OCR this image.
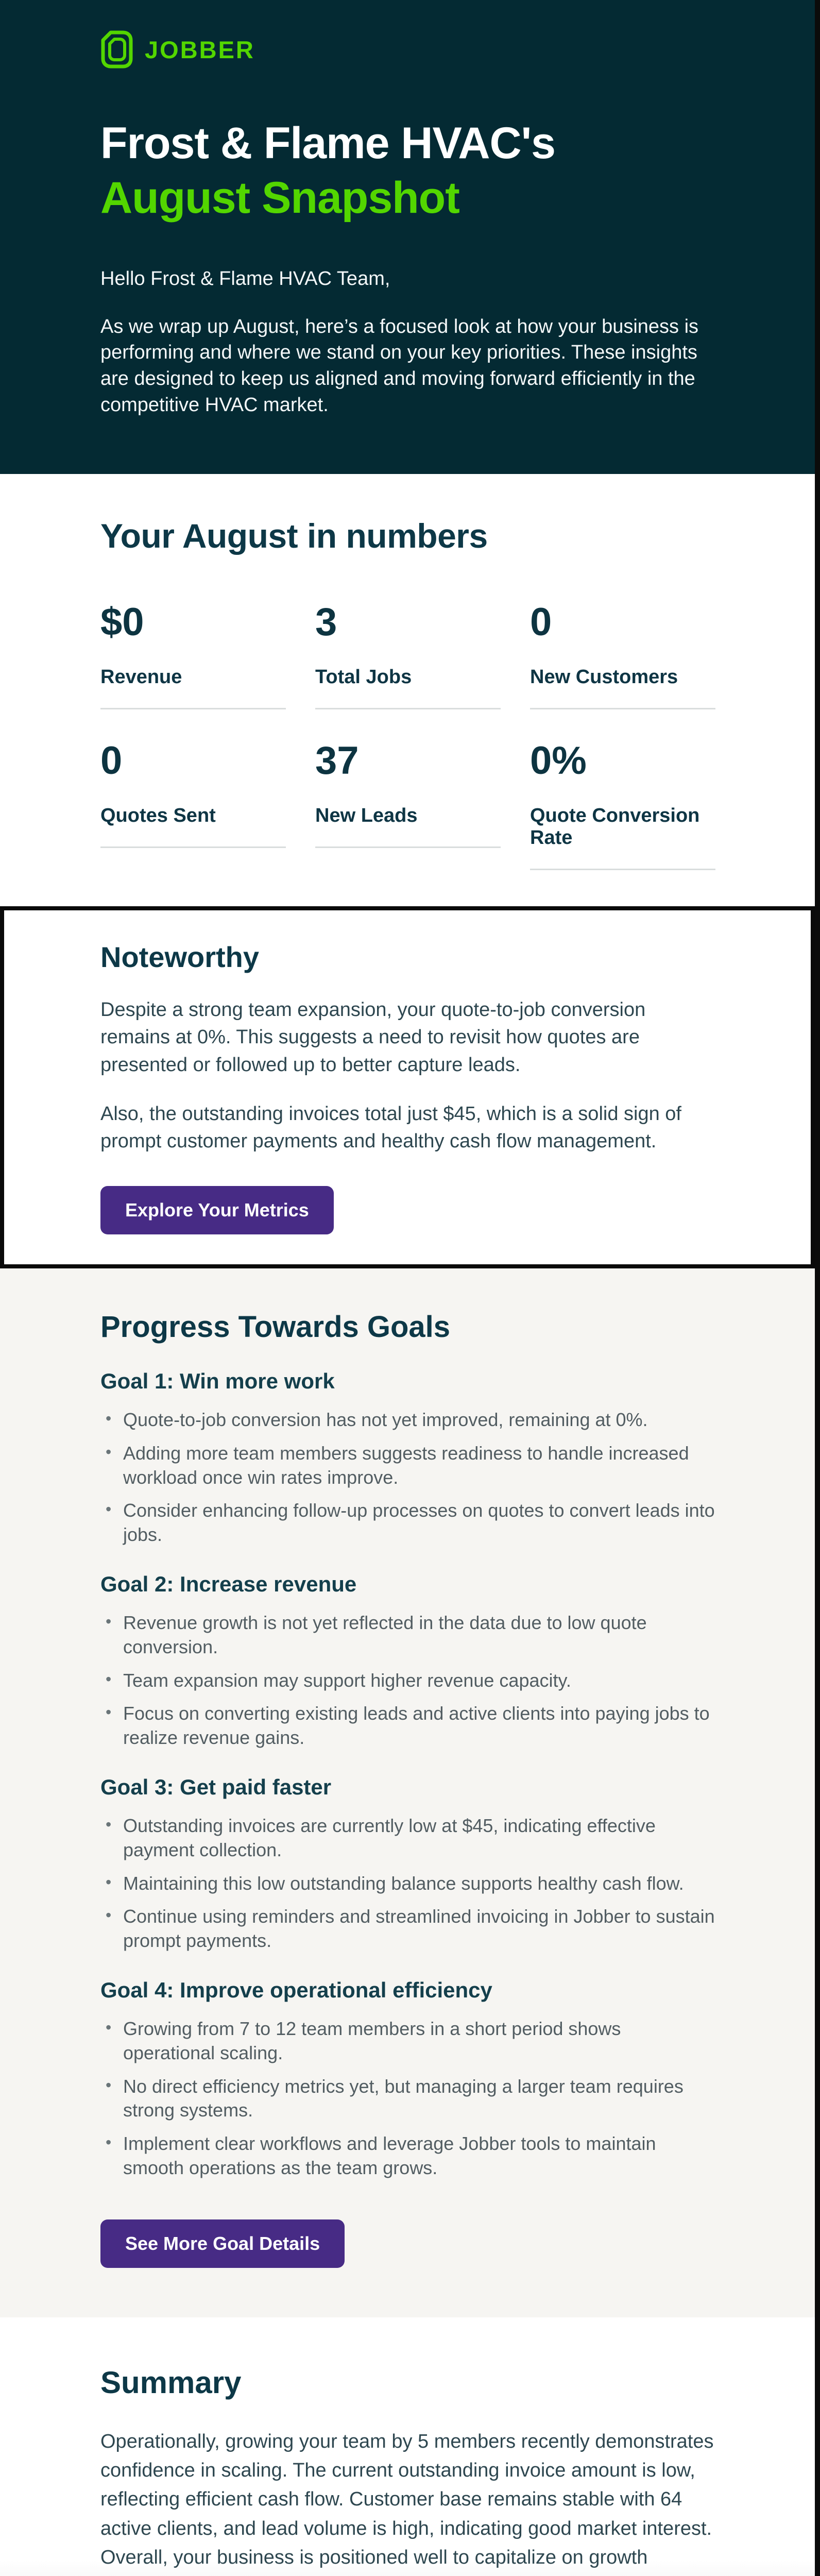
JOBBER
Frost & Flame HVAC's
August Snapshot

Hello Frost & Flame HVAC Team,

As we wrap up August, here’s a focused look at how your business is performing and where we stand on your key priorities. These insights are designed to keep us aligned and moving forward efficiently in the competitive HVAC market.

Your August in numbers
$0
Revenue
3
Total Jobs
0
New Customers
0
Quotes Sent
37
New Leads
0%
Quote Conversion Rate
Noteworthy

Despite a strong team expansion, your quote-to-job conversion remains at 0%. This suggests a need to revisit how quotes are presented or followed up to better capture leads.

Also, the outstanding invoices total just $45, which is a solid sign of prompt customer payments and healthy cash flow management.

Explore Your Metrics
Progress Towards Goals
Goal 1: Win more work
• Quote-to-job conversion has not yet improved, remaining at 0%.
• Adding more team members suggests readiness to handle increased workload once win rates improve.
• Consider enhancing follow-up processes on quotes to convert leads into jobs.
Goal 2: Increase revenue
• Revenue growth is not yet reflected in the data due to low quote conversion.
• Team expansion may support higher revenue capacity.
• Focus on converting existing leads and active clients into paying jobs to realize revenue gains.
Goal 3: Get paid faster
• Outstanding invoices are currently low at $45, indicating effective payment collection.
• Maintaining this low outstanding balance supports healthy cash flow.
• Continue using reminders and streamlined invoicing in Jobber to sustain prompt payments.
Goal 4: Improve operational efficiency
• Growing from 7 to 12 team members in a short period shows operational scaling.
• No direct efficiency metrics yet, but managing a larger team requires strong systems.
• Implement clear workflows and leverage Jobber tools to maintain smooth operations as the team grows.
See More Goal Details
Summary

Operationally, growing your team by 5 members recently demonstrates confidence in scaling. The current outstanding invoice amount is low, reflecting efficient cash flow. Customer base remains stable with 64 active clients, and lead volume is high, indicating good market interest. Overall, your business is positioned well to capitalize on growth
